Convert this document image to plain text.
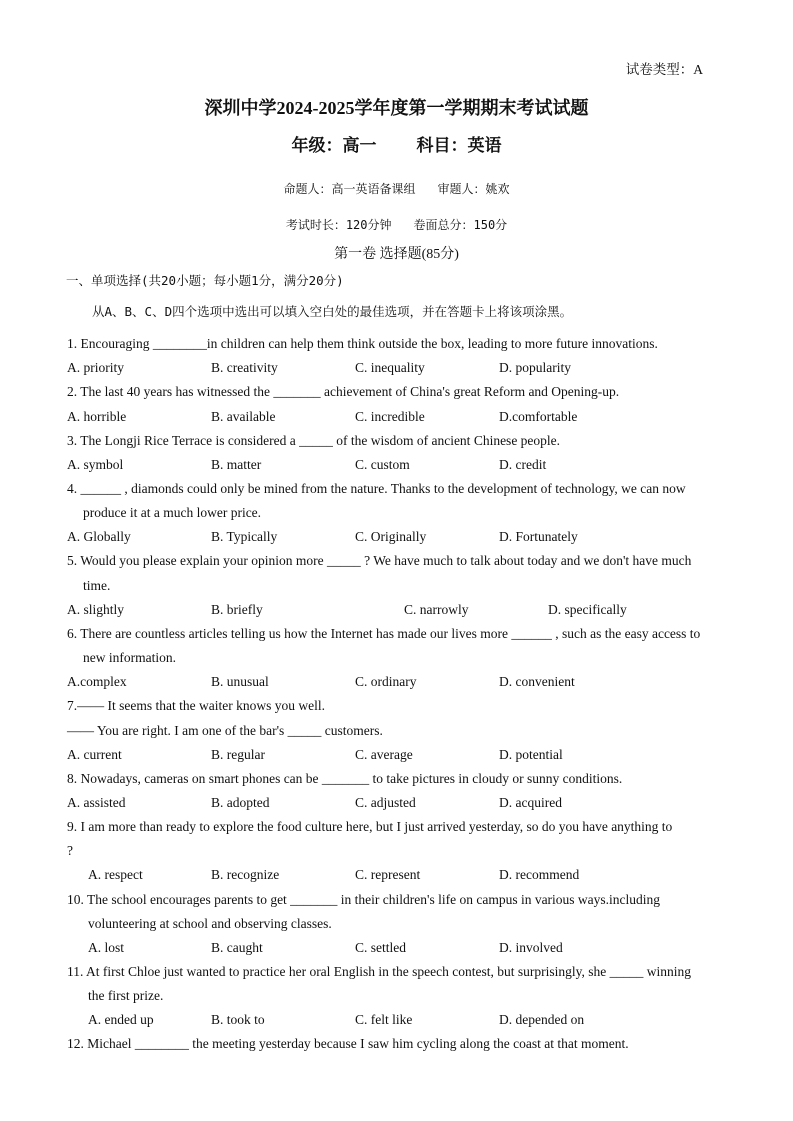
试卷类型：A
深圳中学2024-2025学年度第一学期期末考试试题
年级：高一 科目：英语
命题人：高一英语备课组 审题人：姚欢
考试时长：120分钟 卷面总分：150分
第一卷 选择题(85分)
一、单项选择(共20小题；每小题1分，满分20分)
从A、B、C、D四个选项中选出可以填入空白处的最佳选项，并在答题卡上将该项涂黑。
1. Encouraging ________in children can help them think outside the box, leading to more future innovations.
A. priority	B. creativity	C. inequality	D. popularity
2. The last 40 years has witnessed the _______ achievement of China's great Reform and Opening-up.
A. horrible	B. available	C. incredible	D.comfortable
3. The Longji Rice Terrace is considered a _____ of the wisdom of ancient Chinese people.
A. symbol	B. matter	C. custom	D. credit
4. ______ , diamonds could only be mined from the nature. Thanks to the development of technology, we can now
produce it at a much lower price.
A. Globally	B. Typically	C. Originally	D. Fortunately
5. Would you please explain your opinion more _____ ? We have much to talk about today and we don't have much
time.
A. slightly	B. briefly	C. narrowly	D. specifically
6. There are countless articles telling us how the Internet has made our lives more ______ , such as the easy access to
new information.
A.complex	B. unusual	C. ordinary	D. convenient
7.—— It seems that the waiter knows you well.
—— You are right. I am one of the bar's _____ customers.
A. current	B. regular	C. average	D. potential
8. Nowadays, cameras on smart phones can be _______ to take pictures in cloudy or sunny conditions.
A. assisted	B. adopted	C. adjusted	D. acquired
9. I am more than ready to explore the food culture here, but I just arrived yesterday, so do you have anything to
?
A. respect	B. recognize	C. represent	D. recommend
10. The school encourages parents to get _______ in their children's life on campus in various ways.including
volunteering at school and observing classes.
A. lost	B. caught	C. settled	D. involved
11. At first Chloe just wanted to practice her oral English in the speech contest, but surprisingly, she _____ winning
the first prize.
A. ended up	B. took to	C. felt like	D. depended on
12. Michael ________ the meeting yesterday because I saw him cycling along the coast at that moment.
